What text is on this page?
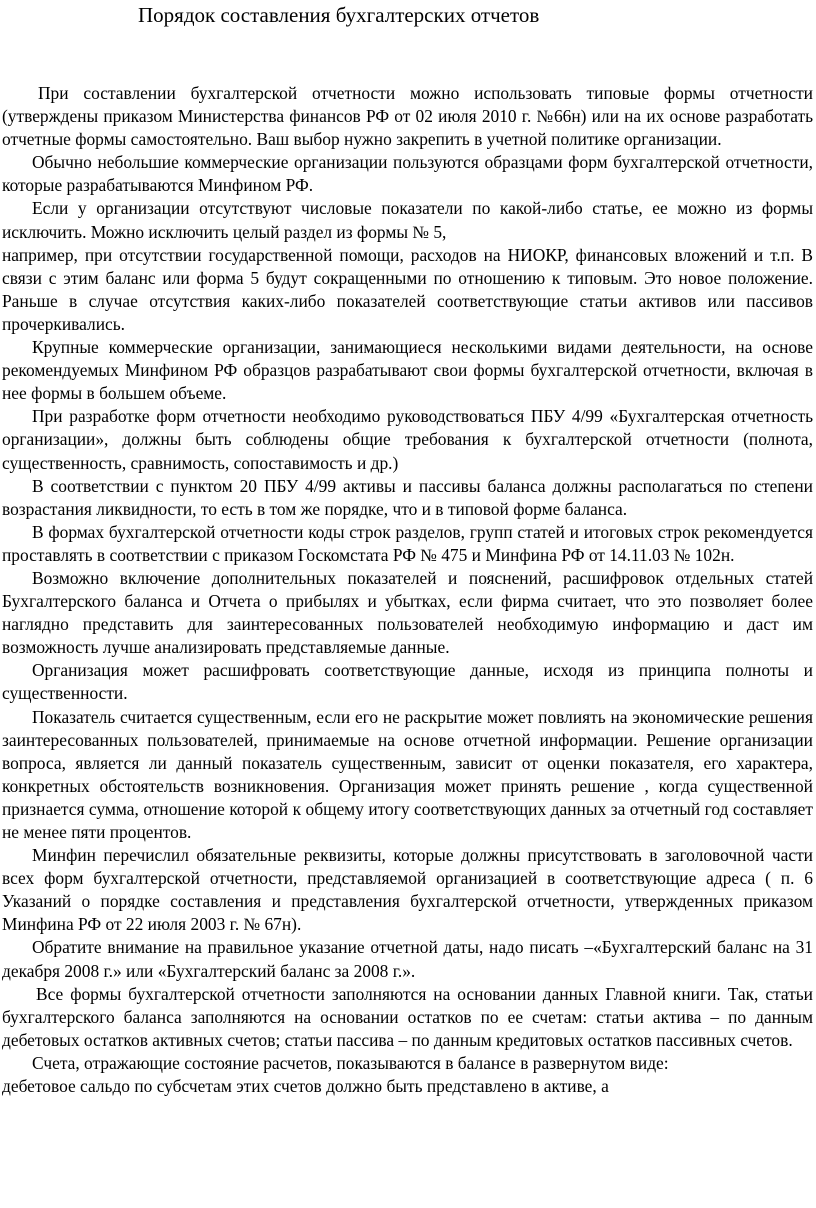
Порядок составления бухгалтерских отчетов

При составлении бухгалтерской отчетности можно использовать типовые формы отчетности (утверждены приказом Министерства финансов РФ от 02 июля 2010 г. №66н) или на их основе разработать отчетные формы самостоятельно. Ваш выбор нужно закрепить в учетной политике организации.

Обычно небольшие коммерческие организации пользуются образцами форм бухгалтерской отчетности, которые разрабатываются Минфином РФ.

Если у организации отсутствуют числовые показатели по какой-либо статье, ее можно из формы исключить. Можно исключить целый раздел из формы № 5,

например, при отсутствии государственной помощи, расходов на НИОКР, финансовых вложений и т.п. В связи с этим баланс или форма 5 будут сокращенными по отношению к типовым. Это новое положение. Раньше в случае отсутствия каких-либо показателей соответствующие статьи активов или пассивов прочеркивались.

Крупные коммерческие организации, занимающиеся несколькими видами деятельности, на основе рекомендуемых Минфином РФ образцов разрабатывают свои формы бухгалтерской отчетности, включая в нее формы в большем объеме.

При разработке форм отчетности необходимо руководствоваться ПБУ 4/99 «Бухгалтерская отчетность организации», должны быть соблюдены общие требования к бухгалтерской отчетности (полнота, существенность, сравнимость, сопоставимость и др.)

В соответствии с пунктом 20 ПБУ 4/99 активы и пассивы баланса должны располагаться по степени возрастания ликвидности, то есть в том же порядке, что и в типовой форме баланса.

В формах бухгалтерской отчетности коды строк разделов, групп статей и итоговых строк рекомендуется проставлять в соответствии с приказом Госкомстата РФ № 475 и Минфина РФ от 14.11.03 № 102н.

Возможно включение дополнительных показателей и пояснений, расшифровок отдельных статей Бухгалтерского баланса и Отчета о прибылях и убытках, если фирма считает, что это позволяет более наглядно представить для заинтересованных пользователей необходимую информацию и даст им возможность лучше анализировать представляемые данные.

Организация может расшифровать соответствующие данные, исходя из принципа полноты и существенности.

Показатель считается существенным, если его не раскрытие может повлиять на экономические решения заинтересованных пользователей, принимаемые на основе отчетной информации. Решение организации вопроса, является ли данный показатель существенным, зависит от оценки показателя, его характера, конкретных обстоятельств возникновения. Организация может принять решение , когда существенной признается сумма, отношение которой к общему итогу соответствующих данных за отчетный год составляет не менее пяти процентов.

Минфин перечислил обязательные реквизиты, которые должны присутствовать в заголовочной части всех форм бухгалтерской отчетности, представляемой организацией в соответствующие адреса ( п. 6 Указаний о порядке составления и представления бухгалтерской отчетности, утвержденных приказом Минфина РФ от 22 июля 2003 г. № 67н).

Обратите внимание на правильное указание отчетной даты, надо писать –«Бухгалтерский баланс на 31 декабря 2008 г.» или «Бухгалтерский баланс за 2008 г.».

Все формы бухгалтерской отчетности заполняются на основании данных Главной книги. Так, статьи бухгалтерского баланса заполняются на основании остатков по ее счетам: статьи актива – по данным дебетовых остатков активных счетов; статьи пассива – по данным кредитовых остатков пассивных счетов.

Счета, отражающие состояние расчетов, показываются в балансе в развернутом виде:

дебетовое сальдо по субсчетам этих счетов должно быть представлено в активе, а
